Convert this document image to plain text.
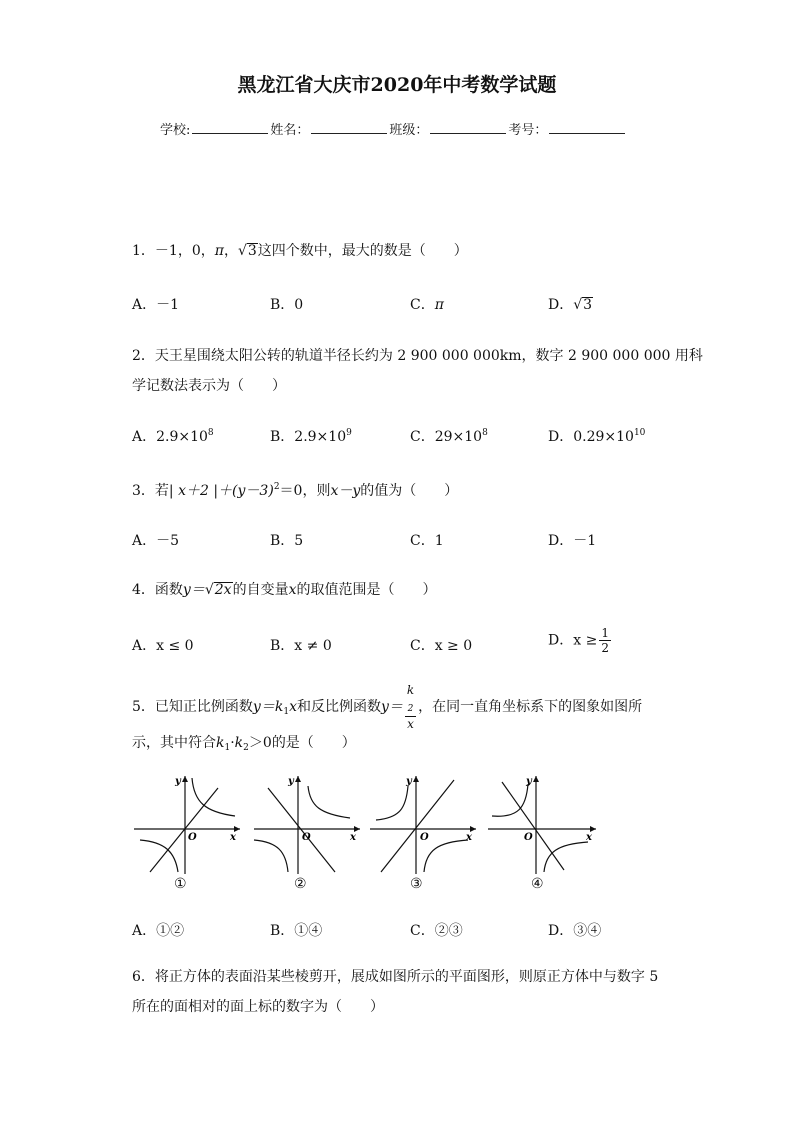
黑龙江省大庆市2020年中考数学试题
学校:	姓名：	班级：	考号：
1．－1，0，π，√3这四个数中，最大的数是（　　）
A．－1	B．0	C．π	D．√3
2．天王星围绕太阳公转的轨道半径长约为 2 900 000 000km，数字 2 900 000 000 用科
学记数法表示为（　　）
A．$2.9\times 10^8$	B．$2.9\times 10^9$	C．$29\times 10^8$	D．$0.29\times 10^{10}$
3．若| x＋2 $|+(y-3)^2=0$，则x－y的值为（　　）
A．－5	B．5	C．1	D．－1
4．函数y＝√2x的自变量x的取值范围是（　　）
A．x ≤ 0	B．x ≠ 0	C．x ≥ 0	D．$x \ge \frac{1}{2}$
5．已知正比例函数$y=k_1x$和反比例函数y＝ k
$_2$
x ，在同一直角坐标系下的图象如图所
示，其中符合$k_1\cdot k_2>0$的是（　　）
y
x
O
①
y
x
O
②
y
x
O
③
y
x
O
④
A．①②	B．①④	C．②③	D．③④
6．将正方体的表面沿某些棱剪开，展成如图所示的平面图形，则原正方体中与数字 5
所在的面相对的面上标的数字为（　　）
